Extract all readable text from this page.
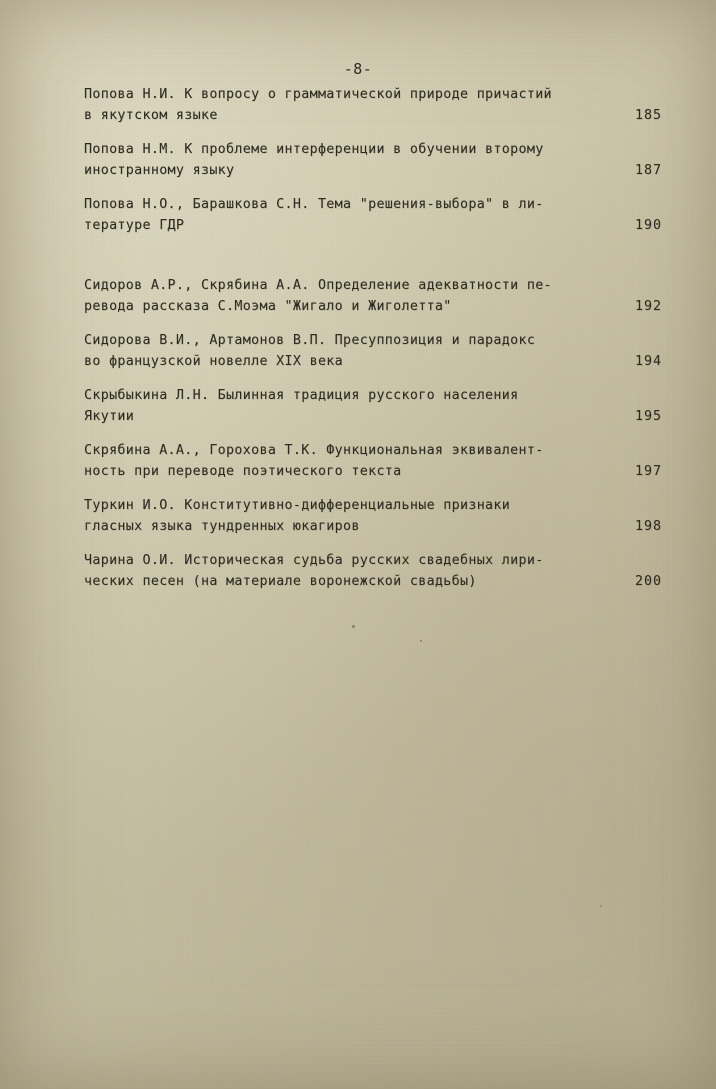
-8-
Попова Н.И. К вопросу о грамматической природе причастий
в якутском языке	185
Попова Н.М. К проблеме интерференции в обучении второму
иностранному языку	187
Попова Н.О., Барашкова С.Н. Тема "решения-выбора" в ли-
тературе ГДР	190
Сидоров А.Р., Скрябина А.А. Определение адекватности пе-
ревода рассказа С.Моэма "Жигало и Жиголетта"	192
Сидорова В.И., Артамонов В.П. Пресуппозиция и парадокс
во французской новелле XIX века	194
Скрыбыкина Л.Н. Былинная традиция русского населения
Якутии	195
Скрябина А.А., Горохова Т.К. Функциональная эквивалент-
ность при переводе поэтического текста	197
Туркин И.О. Конститутивно-дифференциальные признаки
гласных языка тундренных юкагиров	198
Чарина О.И. Историческая судьба русских свадебных лири-
ческих песен (на материале воронежской свадьбы)	200
